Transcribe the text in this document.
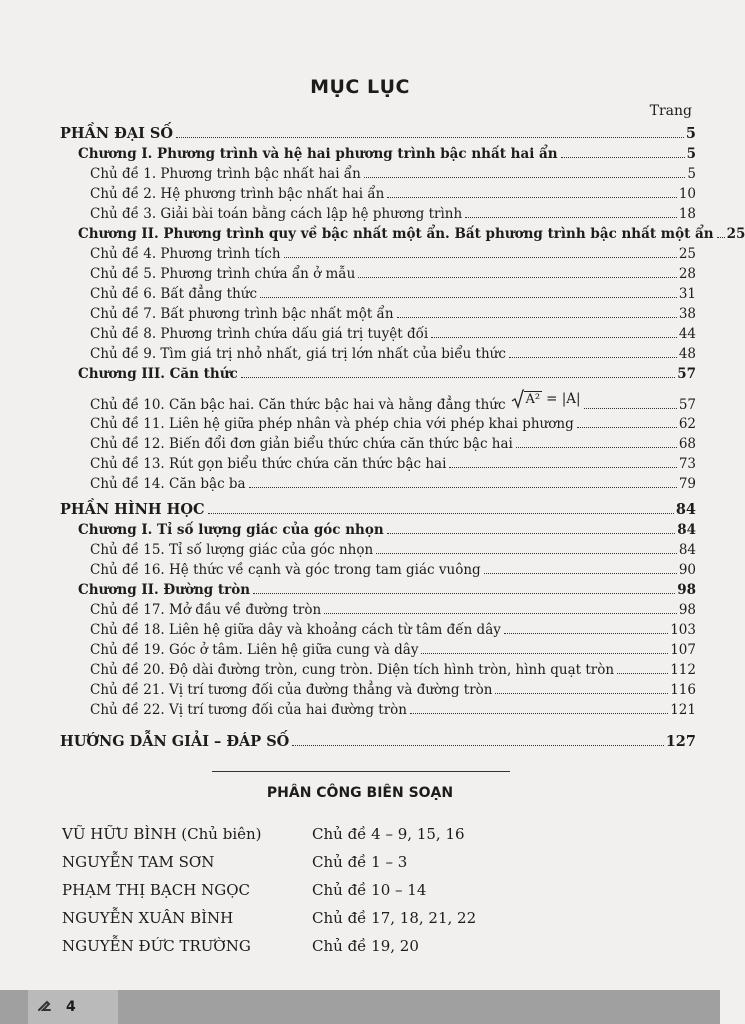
MỤC LỤC
Trang
PHẦN ĐẠI SỐ	5
Chương I. Phương trình và hệ hai phương trình bậc nhất hai ẩn	5
Chủ đề 1. Phương trình bậc nhất hai ẩn	5
Chủ đề 2. Hệ phương trình bậc nhất hai ẩn	10
Chủ đề 3. Giải bài toán bằng cách lập hệ phương trình	18
Chương II. Phương trình quy về bậc nhất một ẩn. Bất phương trình bậc nhất một ẩn 25
Chủ đề 4. Phương trình tích	25
Chủ đề 5. Phương trình chứa ẩn ở mẫu	28
Chủ đề 6. Bất đẳng thức	31
Chủ đề 7. Bất phương trình bậc nhất một ẩn	38
Chủ đề 8. Phương trình chứa dấu giá trị tuyệt đối	44
Chủ đề 9. Tìm giá trị nhỏ nhất, giá trị lớn nhất của biểu thức	48
Chương III. Căn thức	57
Chủ đề 10. Căn bậc hai. Căn thức bậc hai và hằng đẳng thức A² = |A|	57
Chủ đề 11. Liên hệ giữa phép nhân và phép chia với phép khai phương	62
Chủ đề 12. Biến đổi đơn giản biểu thức chứa căn thức bậc hai	68
Chủ đề 13. Rút gọn biểu thức chứa căn thức bậc hai	73
Chủ đề 14. Căn bậc ba	79
PHẦN HÌNH HỌC	84
Chương I. Tỉ số lượng giác của góc nhọn	84
Chủ đề 15. Tỉ số lượng giác của góc nhọn	84
Chủ đề 16. Hệ thức về cạnh và góc trong tam giác vuông	90
Chương II. Đường tròn	98
Chủ đề 17. Mở đầu về đường tròn	98
Chủ đề 18. Liên hệ giữa dây và khoảng cách từ tâm đến dây	103
Chủ đề 19. Góc ở tâm. Liên hệ giữa cung và dây	107
Chủ đề 20. Độ dài đường tròn, cung tròn. Diện tích hình tròn, hình quạt tròn	112
Chủ đề 21. Vị trí tương đối của đường thẳng và đường tròn	116
Chủ đề 22. Vị trí tương đối của hai đường tròn	121
HƯỚNG DẪN GIẢI – ĐÁP SỐ	127
PHÂN CÔNG BIÊN SOẠN
VŨ HỮU BÌNH (Chủ biên)	Chủ đề 4 – 9, 15, 16
NGUYỄN TAM SƠN	Chủ đề 1 – 3
PHẠM THỊ BẠCH NGỌC	Chủ đề 10 – 14
NGUYỄN XUÂN BÌNH	Chủ đề 17, 18, 21, 22
NGUYỄN ĐỨC TRƯỜNG	Chủ đề 19, 20
4
